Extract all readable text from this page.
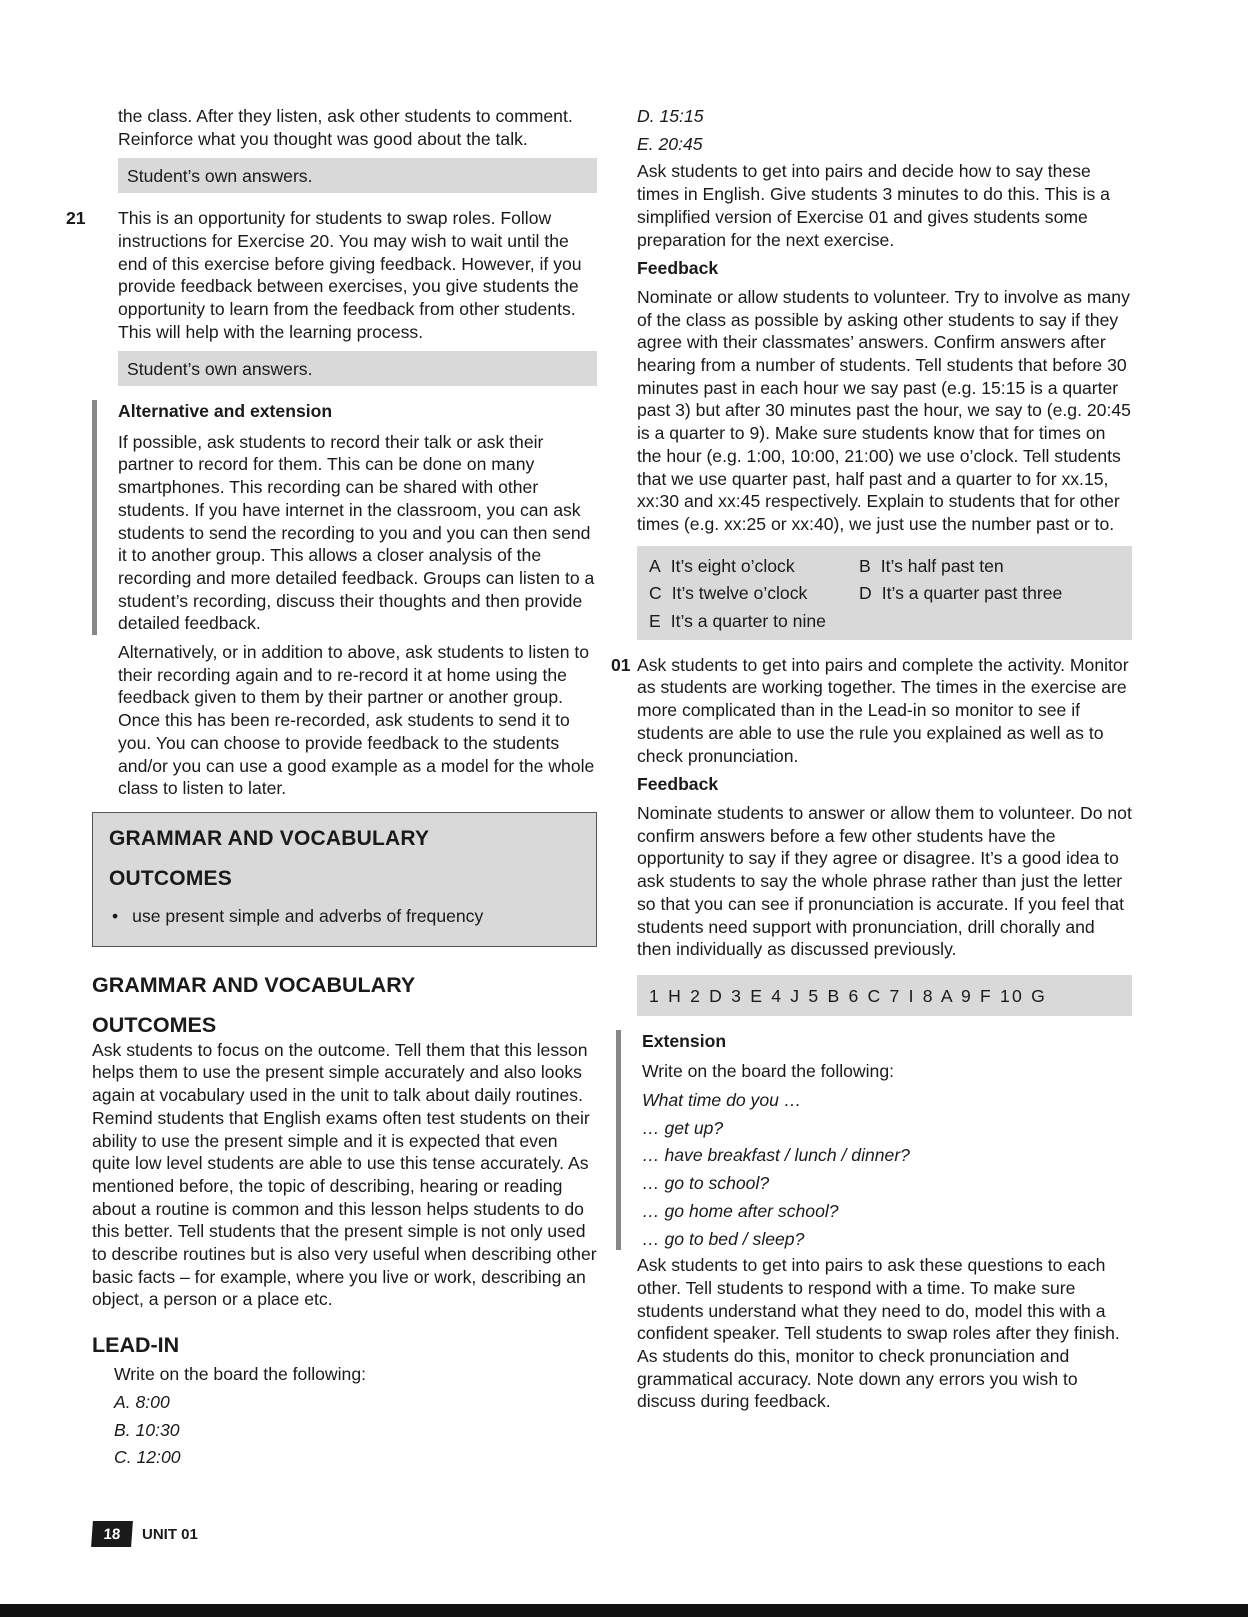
the class. After they listen, ask other students to comment. Reinforce what you thought was good about the talk.

Student’s own answers.
21 This is an opportunity for students to swap roles. Follow instructions for Exercise 20. You may wish to wait until the end of this exercise before giving feedback. However, if you provide feedback between exercises, you give students the opportunity to learn from the feedback from other students. This will help with the learning process.

Student’s own answers.
Alternative and extension

If possible, ask students to record their talk or ask their partner to record for them. This can be done on many smartphones. This recording can be shared with other students. If you have internet in the classroom, you can ask students to send the recording to you and you can then send it to another group. This allows a closer analysis of the recording and more detailed feedback. Groups can listen to a student’s recording, discuss their thoughts and then provide detailed feedback.

Alternatively, or in addition to above, ask students to listen to their recording again and to re-record it at home using the feedback given to them by their partner or another group. Once this has been re-recorded, ask students to send it to you. You can choose to provide feedback to the students and/or you can use a good example as a model for the whole class to listen to later.

GRAMMAR AND VOCABULARY
OUTCOMES
• use present simple and adverbs of frequency
GRAMMAR AND VOCABULARY
OUTCOMES

Ask students to focus on the outcome. Tell them that this lesson helps them to use the present simple accurately and also looks again at vocabulary used in the unit to talk about daily routines. Remind students that English exams often test students on their ability to use the present simple and it is expected that even quite low level students are able to use this tense accurately. As mentioned before, the topic of describing, hearing or reading about a routine is common and this lesson helps students to do this better. Tell students that the present simple is not only used to describe routines but is also very useful when describing other basic facts – for example, where you live or work, describing an object, a person or a place etc.

LEAD-IN

Write on the board the following:

A. 8:00

B. 10:30

C. 12:00

D. 15:15

E. 20:45

Ask students to get into pairs and decide how to say these times in English. Give students 3 minutes to do this. This is a simplified version of Exercise 01 and gives students some preparation for the next exercise.

Feedback

Nominate or allow students to volunteer. Try to involve as many of the class as possible by asking other students to say if they agree with their classmates’ answers. Confirm answers after hearing from a number of students. Tell students that before 30 minutes past in each hour we say past (e.g. 15:15 is a quarter past 3) but after 30 minutes past the hour, we say to (e.g. 20:45 is a quarter to 9). Make sure students know that for times on the hour (e.g. 1:00, 10:00, 21:00) we use o’clock. Tell students that we use quarter past, half past and a quarter to for xx.15, xx:30 and xx:45 respectively. Explain to students that for other times (e.g. xx:25 or xx:40), we just use the number past or to.

A It’s eight o’clock	B It’s half past ten
C It’s twelve o’clock	D It’s a quarter past three
E It’s a quarter to nine
01 Ask students to get into pairs and complete the activity. Monitor as students are working together. The times in the exercise are more complicated than in the Lead-in so monitor to see if students are able to use the rule you explained as well as to check pronunciation.

Feedback

Nominate students to answer or allow them to volunteer. Do not confirm answers before a few other students have the opportunity to say if they agree or disagree. It’s a good idea to ask students to say the whole phrase rather than just the letter so that you can see if pronunciation is accurate. If you feel that students need support with pronunciation, drill chorally and then individually as discussed previously.

1 H 2 D 3 E 4 J 5 B 6 C 7 I 8 A 9 F 10 G
Extension

Write on the board the following:

What time do you …

… get up?

… have breakfast / lunch / dinner?

… go to school?

… go home after school?

… go to bed / sleep?

Ask students to get into pairs to ask these questions to each other. Tell students to respond with a time. To make sure students understand what they need to do, model this with a confident speaker. Tell students to swap roles after they finish. As students do this, monitor to check pronunciation and grammatical accuracy. Note down any errors you wish to discuss during feedback.

18	UNIT 01
